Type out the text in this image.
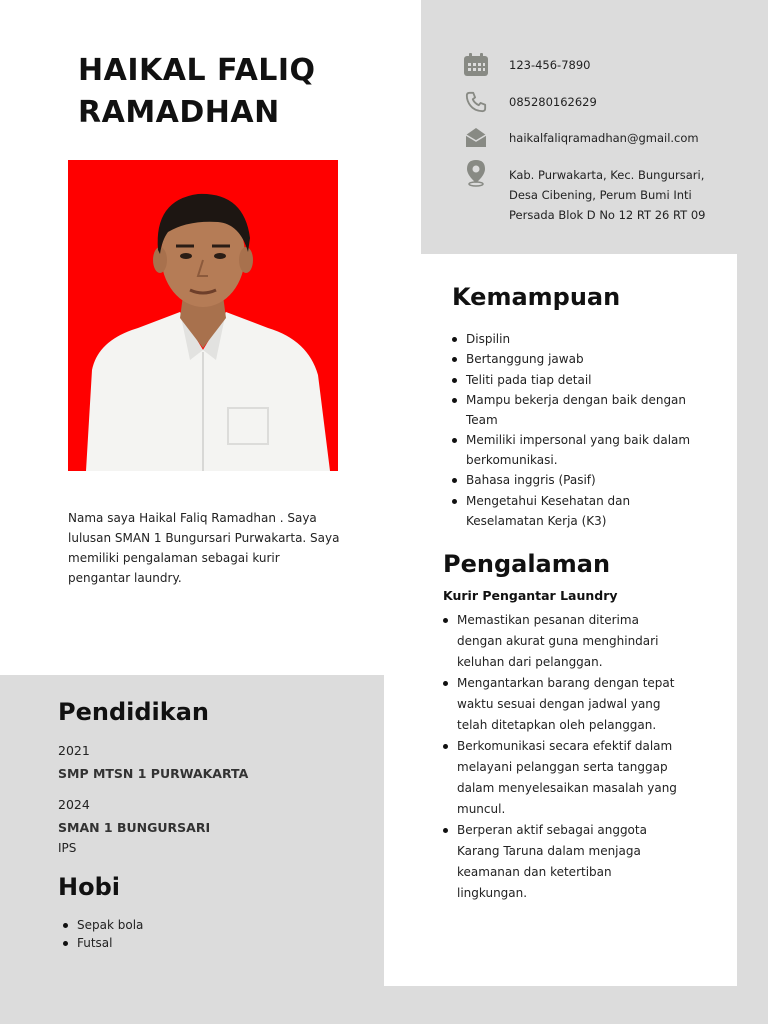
HAIKAL FALIQ
RAMADHAN

Nama saya Haikal Faliq Ramadhan . Saya lulusan SMAN 1 Bungursari Purwakarta. Saya memiliki pengalaman sebagai kurir pengantar laundry.

123-456-7890
085280162629
haikalfaliqramadhan@gmail.com
Kab. Purwakarta, Kec. Bungursari,
Desa Cibening, Perum Bumi Inti
Persada Blok D No 12 RT 26 RT 09
Kemampuan
Dispilin
Bertanggung jawab
Teliti pada tiap detail
Mampu bekerja dengan baik dengan Team
Memiliki impersonal yang baik dalam berkomunikasi.
Bahasa inggris (Pasif)
Mengetahui Kesehatan dan Keselamatan Kerja (K3)
Pengalaman
Kurir Pengantar Laundry
Memastikan pesanan diterima dengan akurat guna menghindari keluhan dari pelanggan.
Mengantarkan barang dengan tepat waktu sesuai dengan jadwal yang telah ditetapkan oleh pelanggan.
Berkomunikasi secara efektif dalam melayani pelanggan serta tanggap dalam menyelesaikan masalah yang muncul.
Berperan aktif sebagai anggota Karang Taruna dalam menjaga keamanan dan ketertiban lingkungan.
Pendidikan
2021
SMP MTSN 1 PURWAKARTA
2024
SMAN 1 BUNGURSARI
IPS
Hobi
Sepak bola
Futsal
